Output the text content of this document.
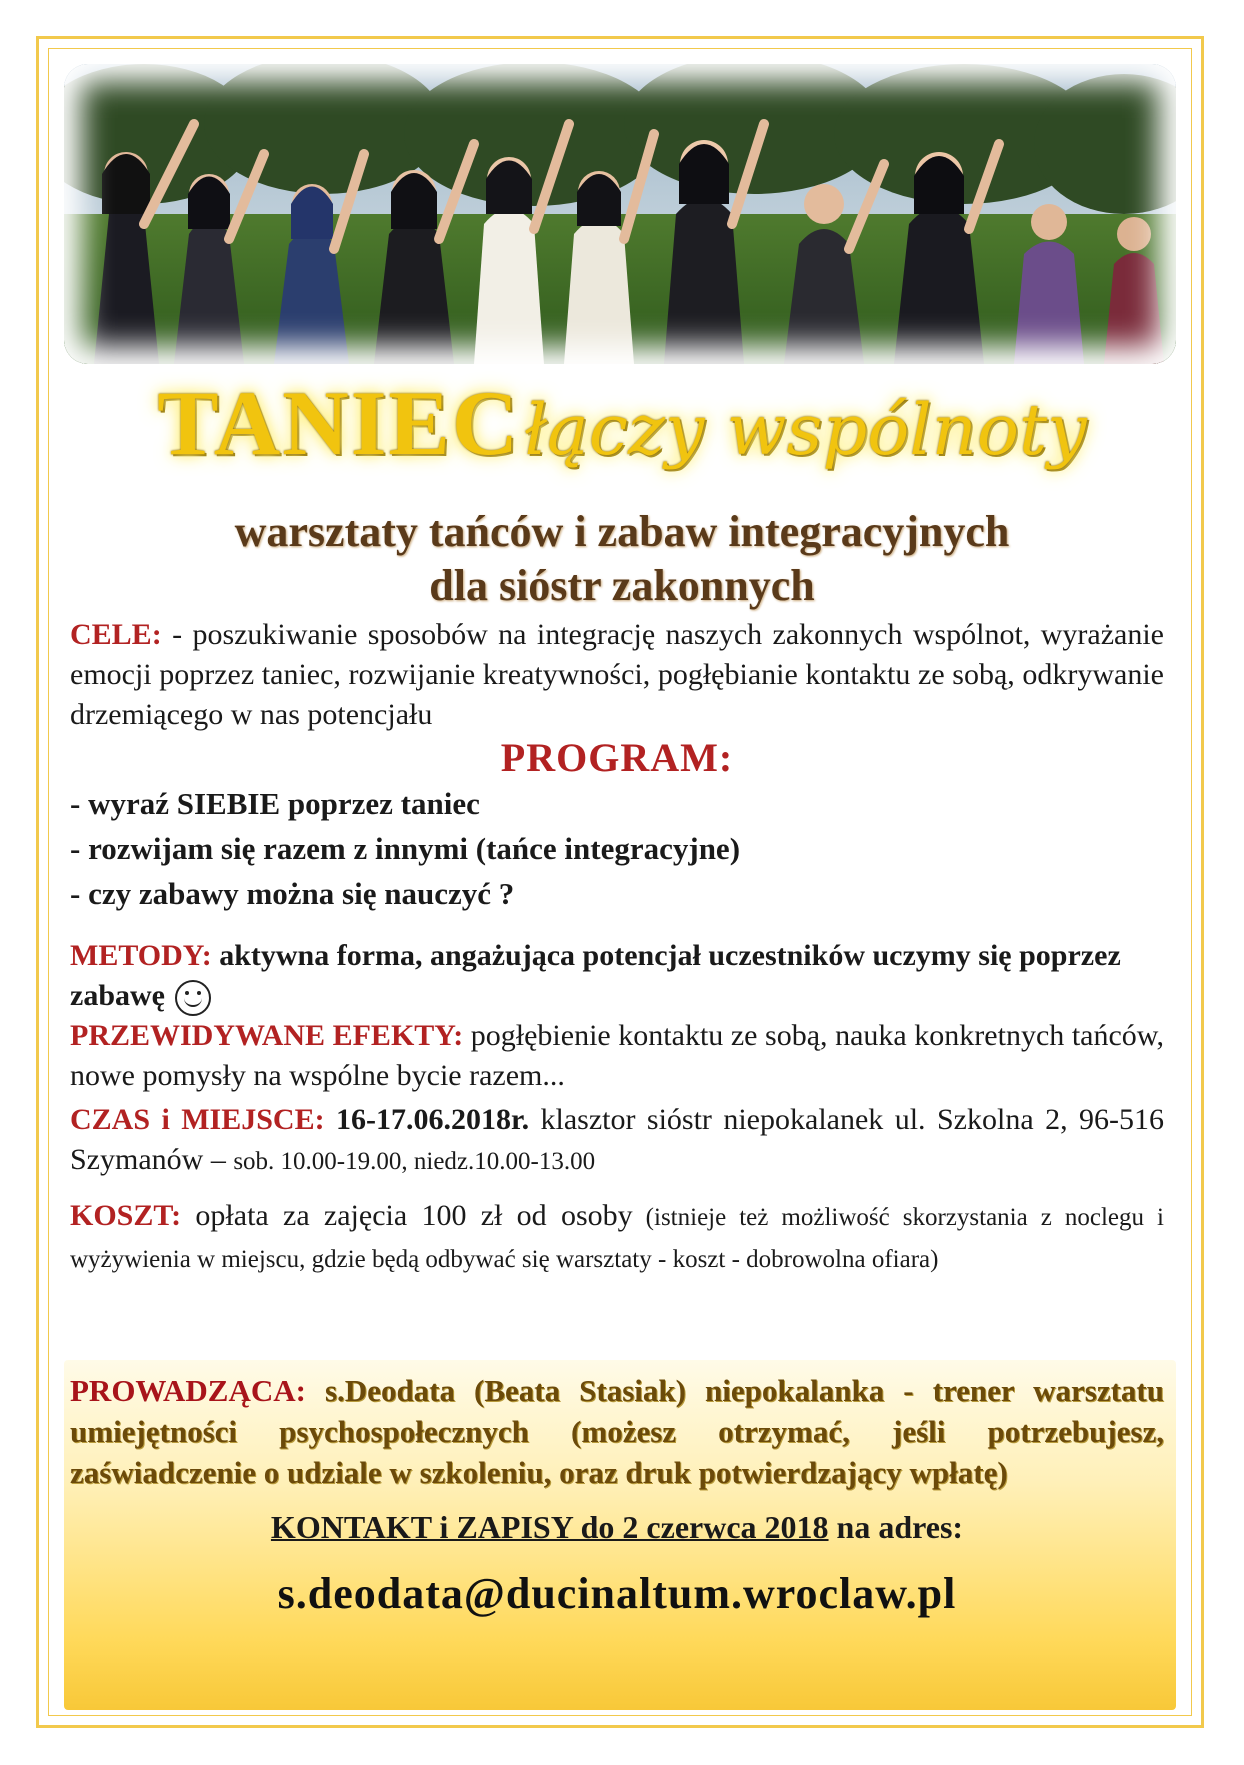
TANIEC łączy wspólnoty
warsztaty tańców i zabaw integracyjnych
dla sióstr zakonnych
CELE: - poszukiwanie sposobów na integrację naszych zakonnych wspólnot, wyrażanie emocji poprzez taniec, rozwijanie kreatywności, pogłębianie kontaktu ze sobą, odkrywanie drzemiącego w nas potencjału
PROGRAM:
- wyraź SIEBIE poprzez taniec
- rozwijam się razem z innymi (tańce integracyjne)
- czy zabawy można się nauczyć ?
METODY: aktywna forma, angażująca potencjał uczestników uczymy się poprzez zabawę
PRZEWIDYWANE EFEKTY: pogłębienie kontaktu ze sobą, nauka konkretnych tańców, nowe pomysły na wspólne bycie razem...
CZAS i MIEJSCE: 16-17.06.2018r. klasztor sióstr niepokalanek ul. Szkolna 2, 96-516 Szymanów – sob. 10.00-19.00, niedz.10.00-13.00
KOSZT: opłata za zajęcia 100 zł od osoby (istnieje też możliwość skorzystania z noclegu i wyżywienia w miejscu, gdzie będą odbywać się warsztaty - koszt - dobrowolna ofiara)
PROWADZĄCA: s.Deodata (Beata Stasiak) niepokalanka - trener warsztatu umiejętności psychospołecznych (możesz otrzymać, jeśli potrzebujesz, zaświadczenie o udziale w szkoleniu, oraz druk potwierdzający wpłatę)
KONTAKT i ZAPISY do 2 czerwca 2018 na adres:
s.deodata@ducinaltum.wroclaw.pl
